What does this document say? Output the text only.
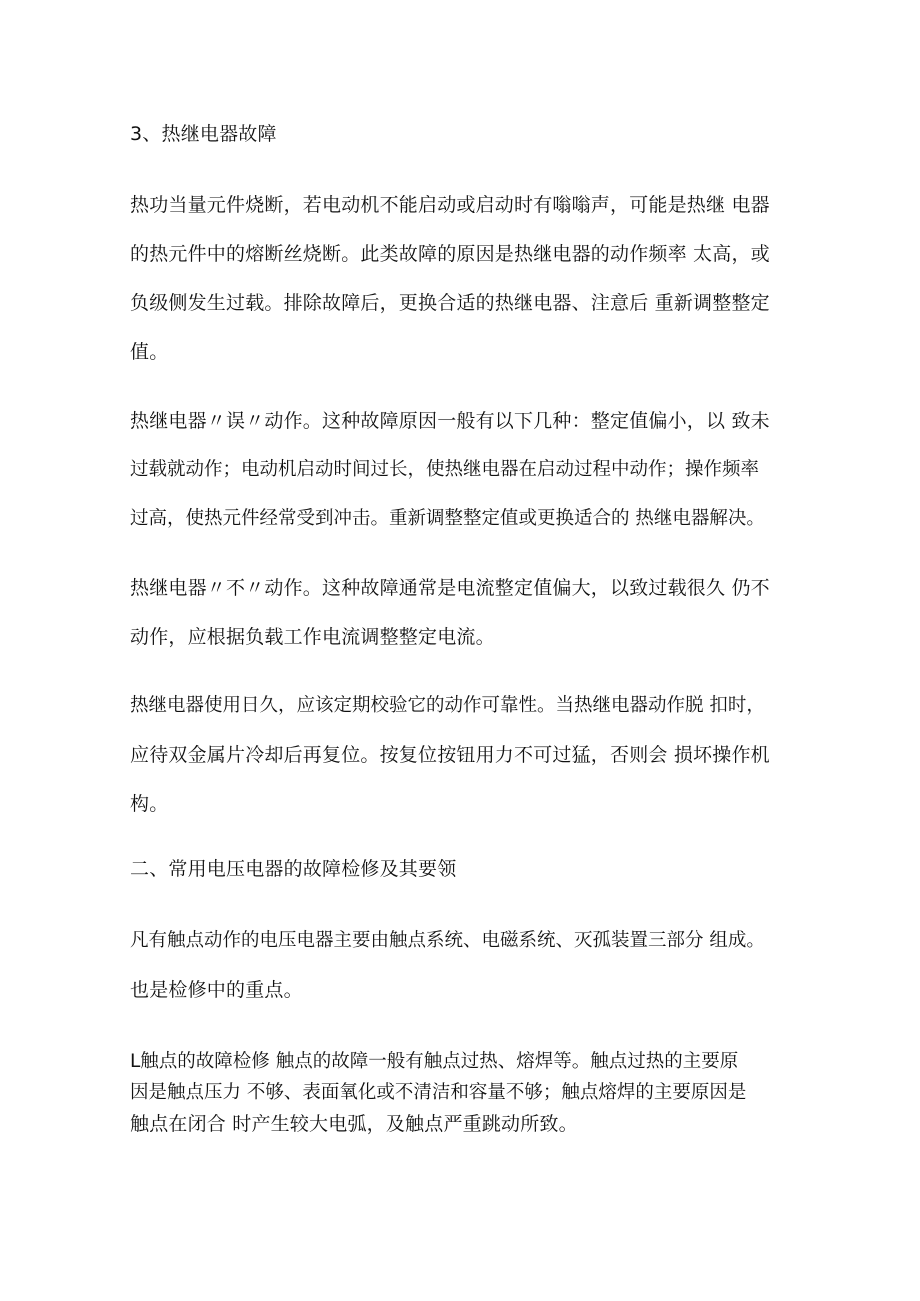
3、热继电器故障
热功当量元件烧断，若电动机不能启动或启动时有嗡嗡声，可能是热继 电器
的热元件中的熔断丝烧断。此类故障的原因是热继电器的动作频率 太高，或
负级侧发生过载。排除故障后，更换合适的热继电器、注意后 重新调整整定
值。
热继电器〃误〃动作。这种故障原因一般有以下几种：整定值偏小，以 致未
过载就动作；电动机启动时间过长，使热继电器在启动过程中动作；操作频率
过高，使热元件经常受到冲击。重新调整整定值或更换适合的 热继电器解决。
热继电器〃不〃动作。这种故障通常是电流整定值偏大，以致过载很久 仍不
动作，应根据负载工作电流调整整定电流。
热继电器使用日久，应该定期校验它的动作可靠性。当热继电器动作脱 扣时，
应待双金属片冷却后再复位。按复位按钮用力不可过猛，否则会 损坏操作机
构。
二、常用电压电器的故障检修及其要领
凡有触点动作的电压电器主要由触点系统、电磁系统、灭孤装置三部分 组成。
也是检修中的重点。
L触点的故障检修 触点的故障一般有触点过热、熔焊等。触点过热的主要原
因是触点压力 不够、表面氧化或不清洁和容量不够；触点熔焊的主要原因是
触点在闭合 时产生较大电弧，及触点严重跳动所致。
